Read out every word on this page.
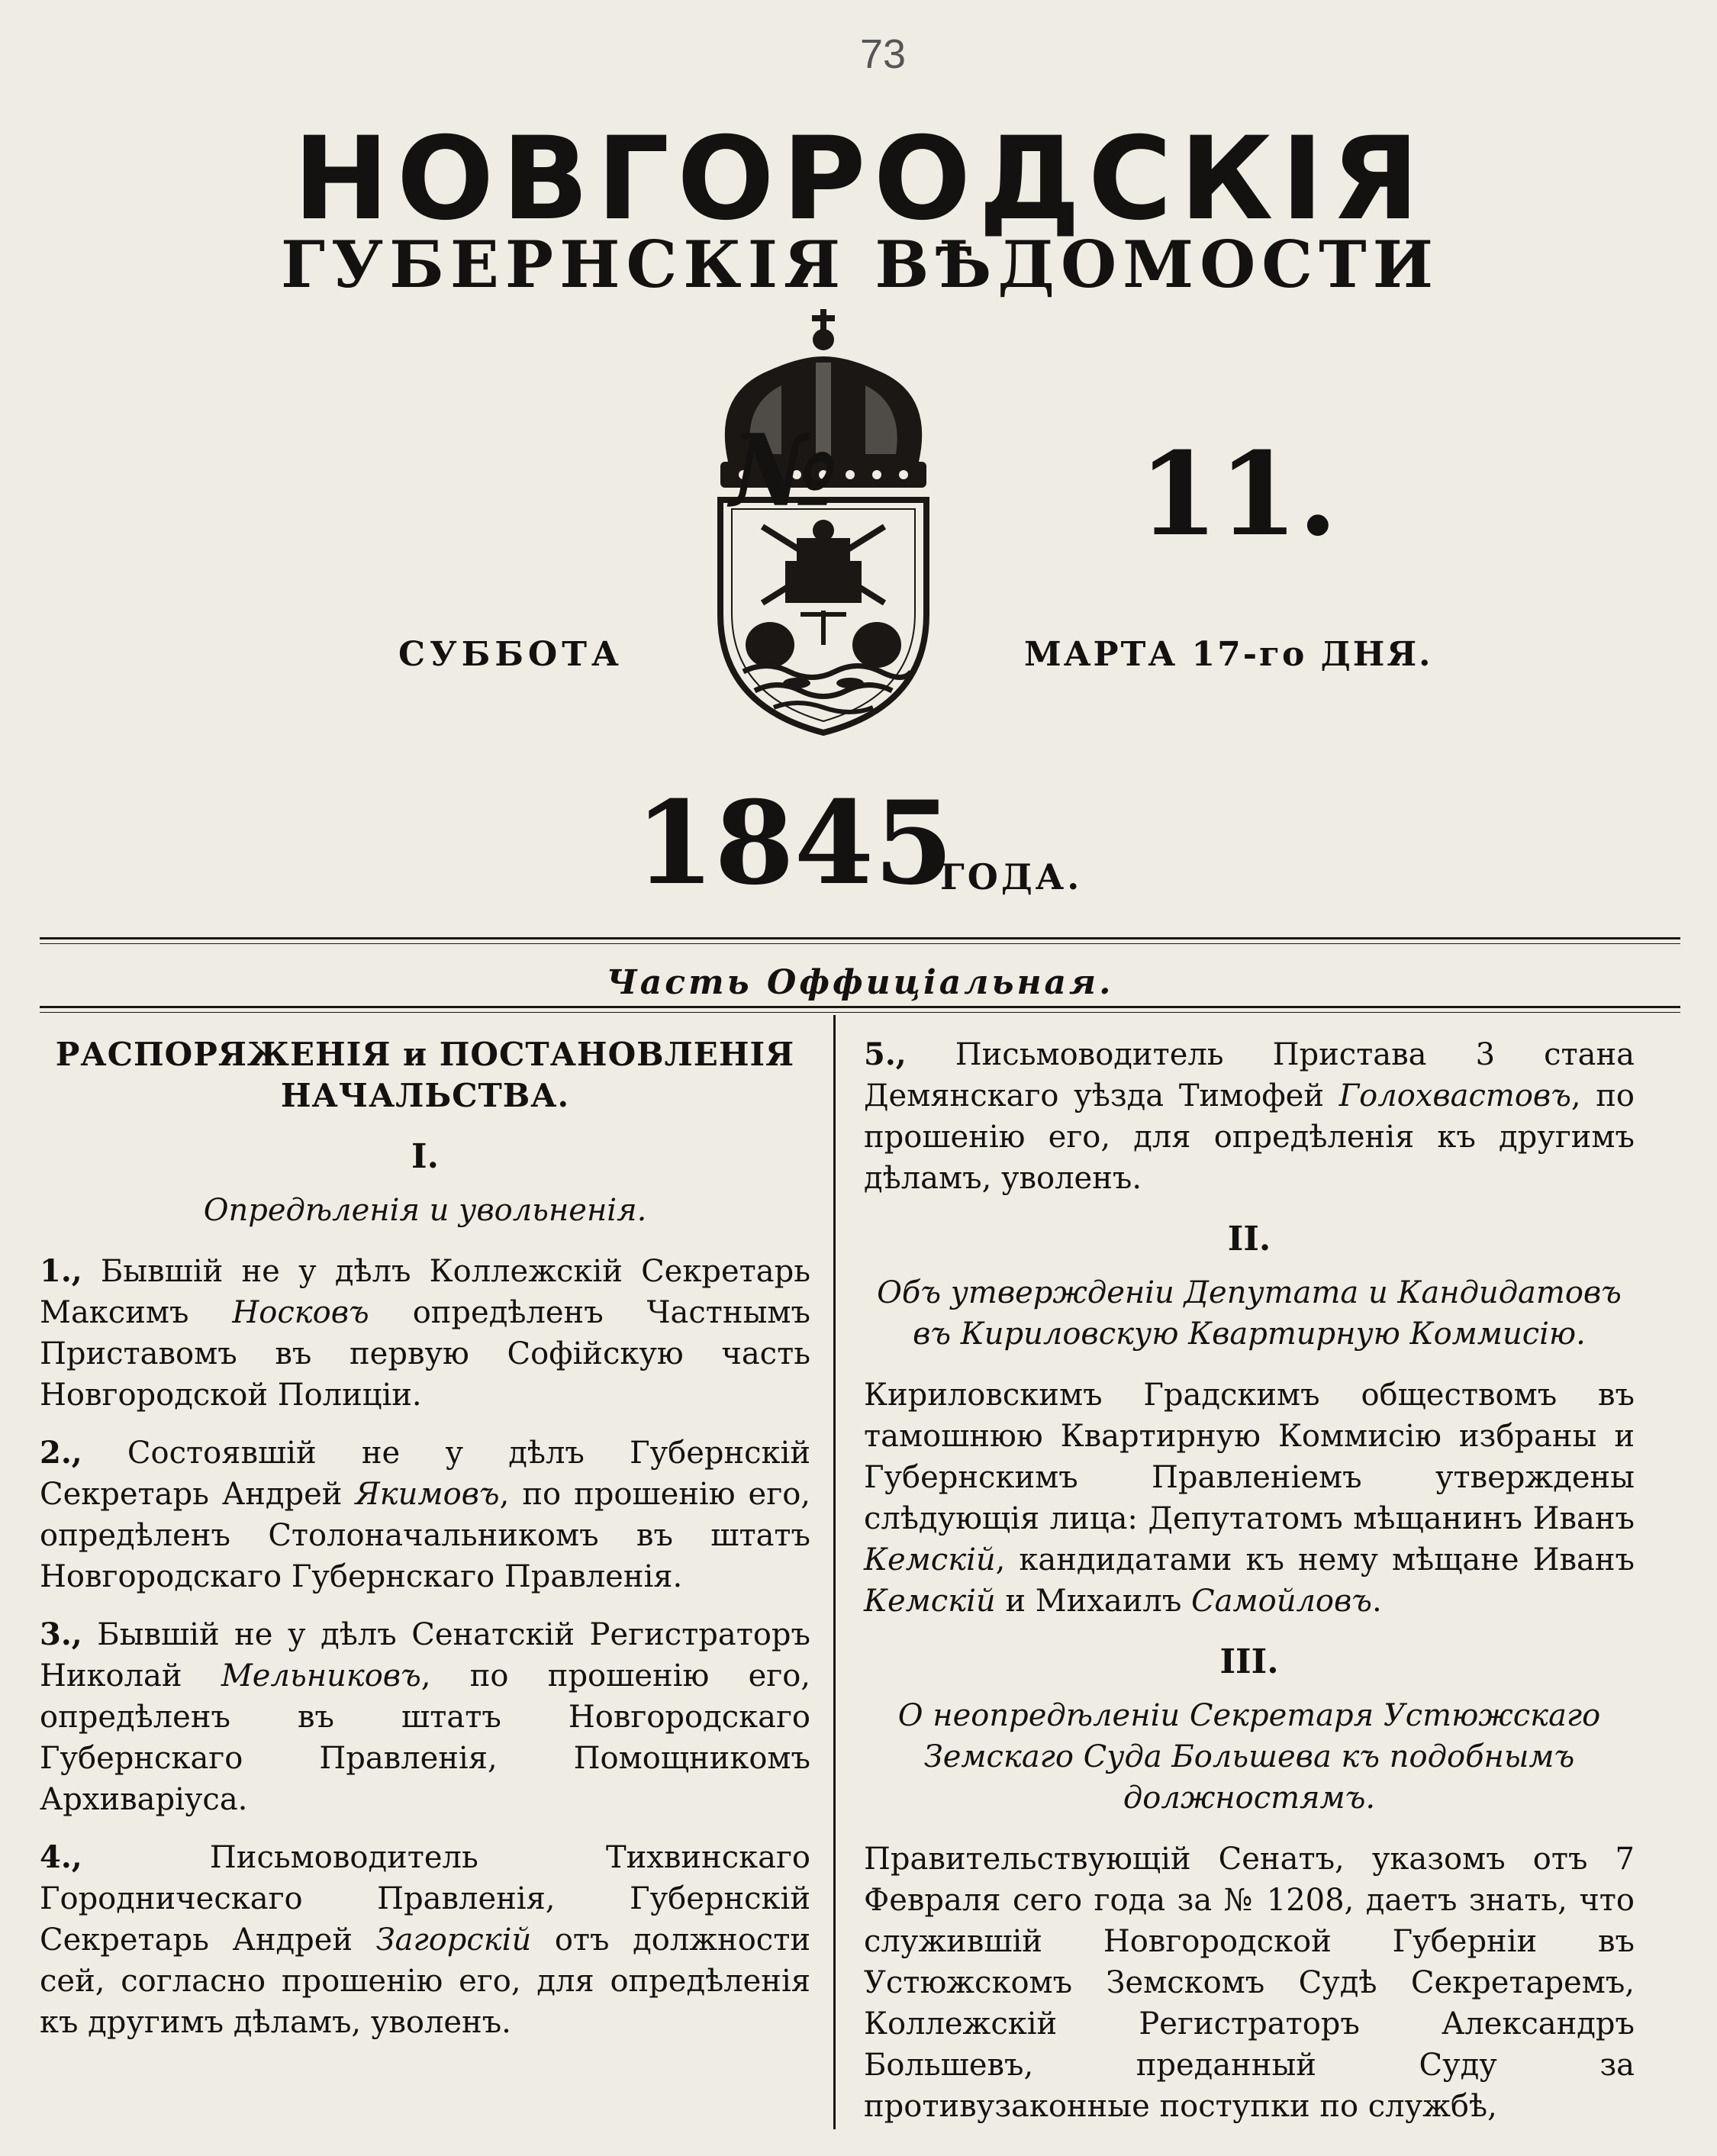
73
НОВГОРОДСКІЯ
ГУБЕРНСКІЯ ВѢДОМОСТИ
№	11.
СУББОТА	МАРТА 17-го ДНЯ.
1845
ГОДА.
Часть Оффиціальная.
РАСПОРЯЖЕНІЯ и ПОСТАНОВЛЕНІЯ
НАЧАЛЬСТВА.
I.
Опредѣленія и увольненія.

1., Бывшій не у дѣлъ Коллежскій Секретарь Максимъ Носковъ опредѣленъ Частнымъ Приставомъ въ первую Софійскую часть Новгородской Полиціи.

2., Состоявшій не у дѣлъ Губернскій Секретарь Андрей Якимовъ, по прошенію его, опредѣленъ Столоначальникомъ въ штатъ Новгородскаго Губернскаго Правленія.

3., Бывшій не у дѣлъ Сенатскій Регистраторъ Николай Мельниковъ, по прошенію его, опредѣленъ въ штатъ Новгородскаго Губернскаго Правленія, Помощникомъ Архиваріуса.

4., Письмоводитель Тихвинскаго Городническаго Правленія, Губернскій Секретарь Андрей Загорскій отъ должности сей, согласно прошенію его, для опредѣленія къ другимъ дѣламъ, уволенъ.

5., Письмоводитель Пристава 3 стана Демянскаго уѣзда Тимофей Голохвастовъ, по прошенію его, для опредѣленія къ другимъ дѣламъ, уволенъ.

II.
Объ утвержденіи Депутата и Кандидатовъ въ Кириловскую Квартирную Коммисію.

Кириловскимъ Градскимъ обществомъ въ тамошнюю Квартирную Коммисію избраны и Губернскимъ Правленіемъ утверждены слѣдующія лица: Депутатомъ мѣщанинъ Иванъ Кемскій, кандидатами къ нему мѣщане Иванъ Кемскій и Михаилъ Самойловъ.

III.
О неопредѣленіи Секретаря Устюжскаго Земскаго Суда Большева къ подобнымъ должностямъ.

Правительствующій Сенатъ, указомъ отъ 7 Февраля сего года за № 1208, даетъ знать, что служившій Новгородской Губерніи въ Устюжскомъ Земскомъ Судѣ Секретаремъ, Коллежскій Регистраторъ Александръ Большевъ, преданный Суду за противузаконные поступки по службѣ,
